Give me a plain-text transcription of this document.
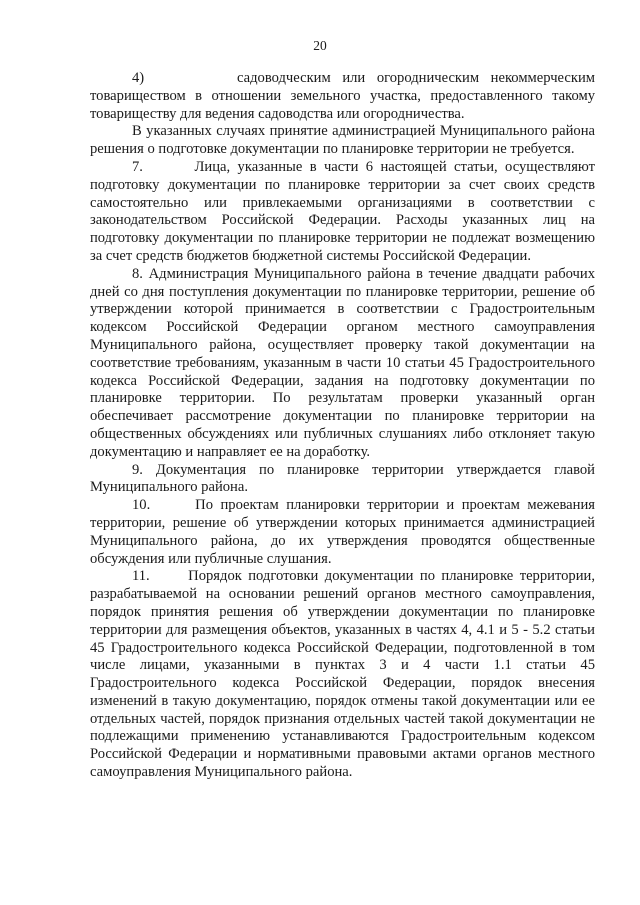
20

4)        садоводческим или огородническим некоммерческим товариществом в отношении земельного участка, предоставленного такому товариществу для ведения садоводства или огородничества.

В указанных случаях принятие администрацией Муниципального района решения о подготовке документации по планировке территории не требуется.

7.       Лица, указанные в части 6 настоящей статьи, осуществляют подготовку документации по планировке территории за счет своих средств самостоятельно или привлекаемыми организациями в соответствии с законодательством Российской Федерации. Расходы указанных лиц на подготовку документации по планировке территории не подлежат возмещению за счет средств бюджетов бюджетной системы Российской Федерации.

8. Администрация Муниципального района в течение двадцати рабочих дней со дня поступления документации по планировке территории, решение об утверждении которой принимается в соответствии с Градостроительным кодексом Российской Федерации органом местного самоуправления Муниципального района, осуществляет проверку такой документации на соответствие требованиям, указанным в части 10 статьи 45 Градостроительного кодекса Российской Федерации, задания на подготовку документации по планировке территории. По результатам проверки указанный орган обеспечивает рассмотрение документации по планировке территории на общественных обсуждениях или публичных слушаниях либо отклоняет такую документацию и направляет ее на доработку.

9. Документация по планировке территории утверждается главой Муниципального района.

10.      По проектам планировки территории и проектам межевания территории, решение об утверждении которых принимается администрацией Муниципального района, до их утверждения проводятся общественные обсуждения или публичные слушания.

11.      Порядок подготовки документации по планировке территории, разрабатываемой на основании решений органов местного самоуправления, порядок принятия решения об утверждении документации по планировке территории для размещения объектов, указанных в частях 4, 4.1 и 5 - 5.2 статьи 45 Градостроительного кодекса Российской Федерации, подготовленной в том числе лицами, указанными в пунктах 3 и 4 части 1.1 статьи 45 Градостроительного кодекса Российской Федерации, порядок внесения изменений в такую документацию, порядок отмены такой документации или ее отдельных частей, порядок признания отдельных частей такой документации не подлежащими применению устанавливаются Градостроительным кодексом Российской Федерации и нормативными правовыми актами органов местного самоуправления Муниципального района.
